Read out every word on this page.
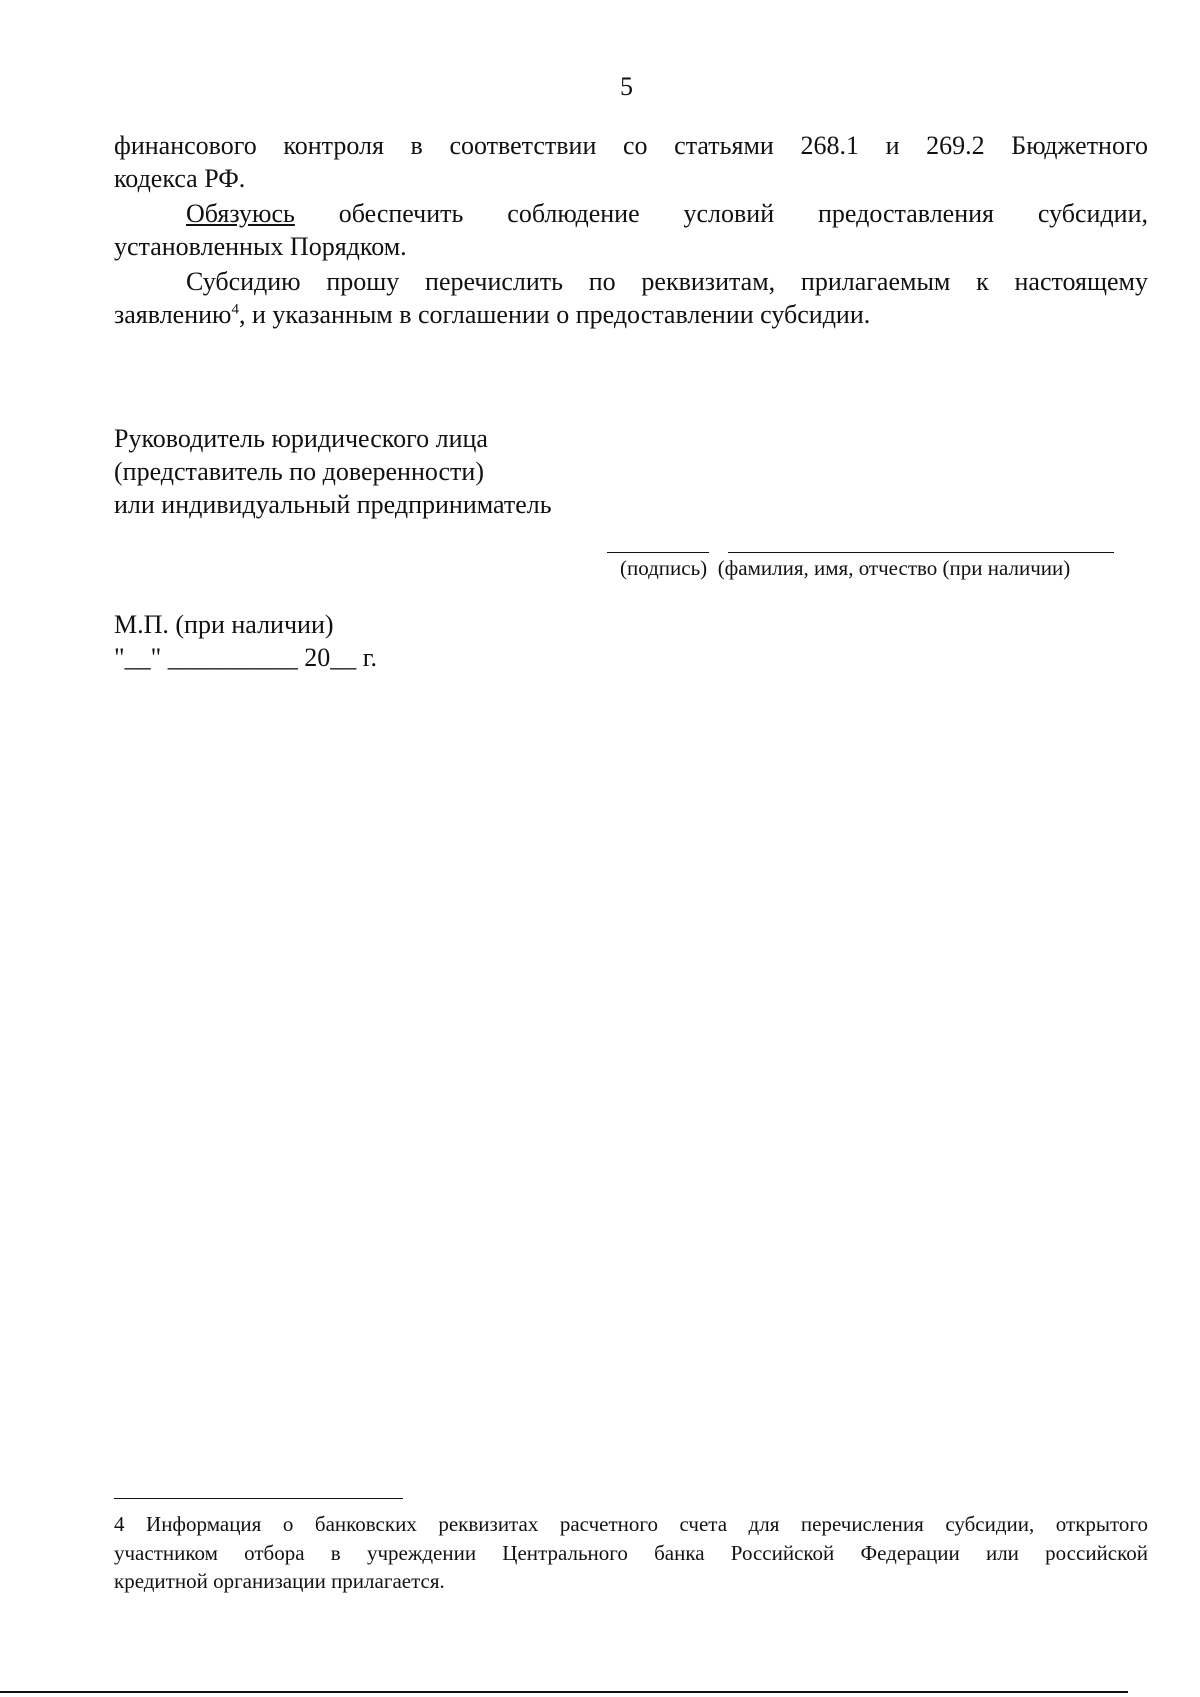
5
финансового контроля в соответствии со статьями 268.1 и 269.2 Бюджетного
кодекса РФ.
Обязуюсь обеспечить соблюдение условий предоставления субсидии,
установленных Порядком.
Субсидию прошу перечислить по реквизитам, прилагаемым к настоящему
заявлению$^4$, и указанным в соглашении о предоставлении субсидии.
Руководитель юридического лица
(представитель по доверенности)
или индивидуальный предприниматель
(подпись) (фамилия, имя, отчество (при наличии)
М.П. (при наличии)
"__" __________ 20__ г.
4 Информация о банковских реквизитах расчетного счета для перечисления субсидии, открытого
участником отбора в учреждении Центрального банка Российской Федерации или российской
кредитной организации прилагается.
